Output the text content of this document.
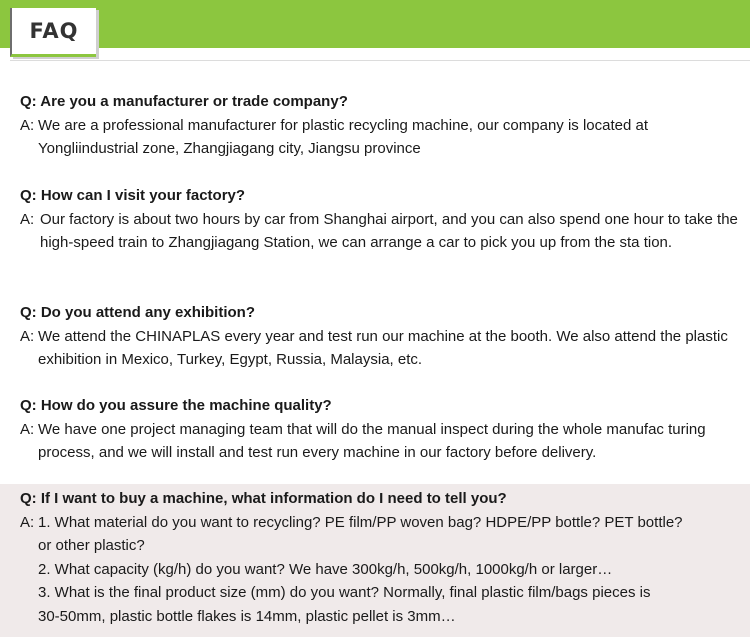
FAQ
Q: Are you a manufacturer or trade company?
A: We are a professional manufacturer for plastic recycling machine, our company is located at Yongliindustrial zone, Zhangjiagang city, Jiangsu province
Q: How can I visit your factory?
A: Our factory is about two hours by car from Shanghai airport, and you can also spend one hour to take the high-speed train to Zhangjiagang Station, we can arrange a car to pick you up from the sta tion.
Q: Do you attend any exhibition?
A: We attend the CHINAPLAS every year and test run our machine at the booth. We also attend the plastic exhibition in Mexico, Turkey, Egypt, Russia, Malaysia, etc.
Q: How do you assure the machine quality?
A: We have one project managing team that will do the manual inspect during the whole manufac turing process, and we will install and test run every machine in our factory before delivery.
Q: If I want to buy a machine, what information do I need to tell you?
A: 1. What material do you want to recycling? PE film/PP woven bag? HDPE/PP bottle? PET bottle?
or other plastic?
2. What capacity (kg/h) do you want? We have 300kg/h, 500kg/h, 1000kg/h or larger…
3. What is the final product size (mm) do you want? Normally, final plastic film/bags pieces is
30-50mm, plastic bottle flakes is 14mm, plastic pellet is 3mm…
